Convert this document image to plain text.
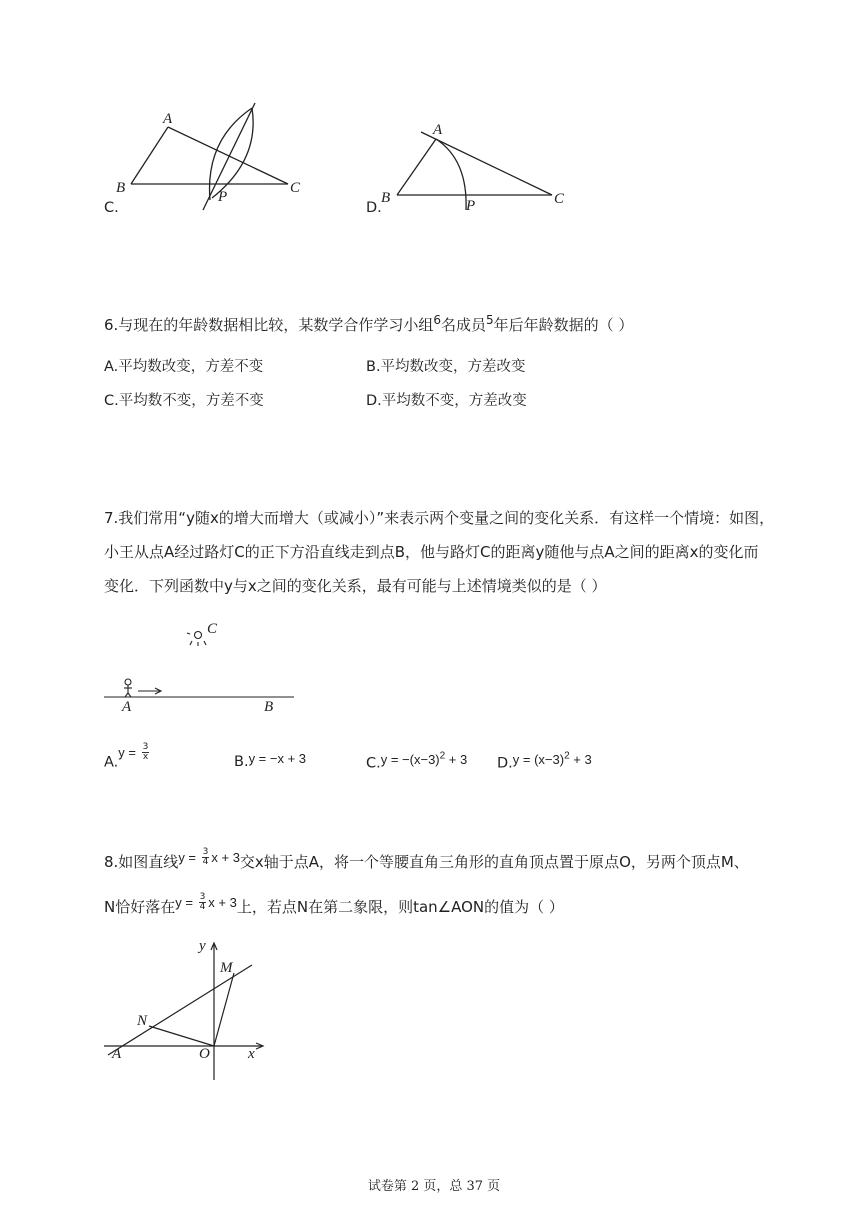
A
B	C
P
A
B	C
P
C.	D.
6.与现在的年龄数据相比较，某数学合作学习小组$^6$名成员$^5$年后年龄数据的（ ）
A.平均数改变，方差不变	B.平均数改变，方差改变
C.平均数不变，方差不变	D.平均数不变，方差改变
7.我们常用“y随x的增大而增大（或减小）”来表示两个变量之间的变化关系．有这样一个情境：如图，
小王从点A经过路灯C的正下方沿直线走到点B，他与路灯C的距离y随他与点A之间的距离x的变化而
变化．下列函数中y与x之间的变化关系，最有可能与上述情境类似的是（ ）
C
A	B
$A.y = \frac{3}{x}$	B.y = −x + 3	$C.y = -(x-3)^2 + 3$ $D.y = (x-3)^2 + 3$
8.如图直线$y = \frac{3}{4}$ x + 3交x轴于点A，将一个等腰直角三角形的直角顶点置于原点O，另两个顶点M、
N恰好落在$y = \frac{3}{4}$ x + 3上，若点N在第二象限，则tan∠AON的值为（ ）
y
M
N
A	O	x
试卷第 2 页，总 37 页
